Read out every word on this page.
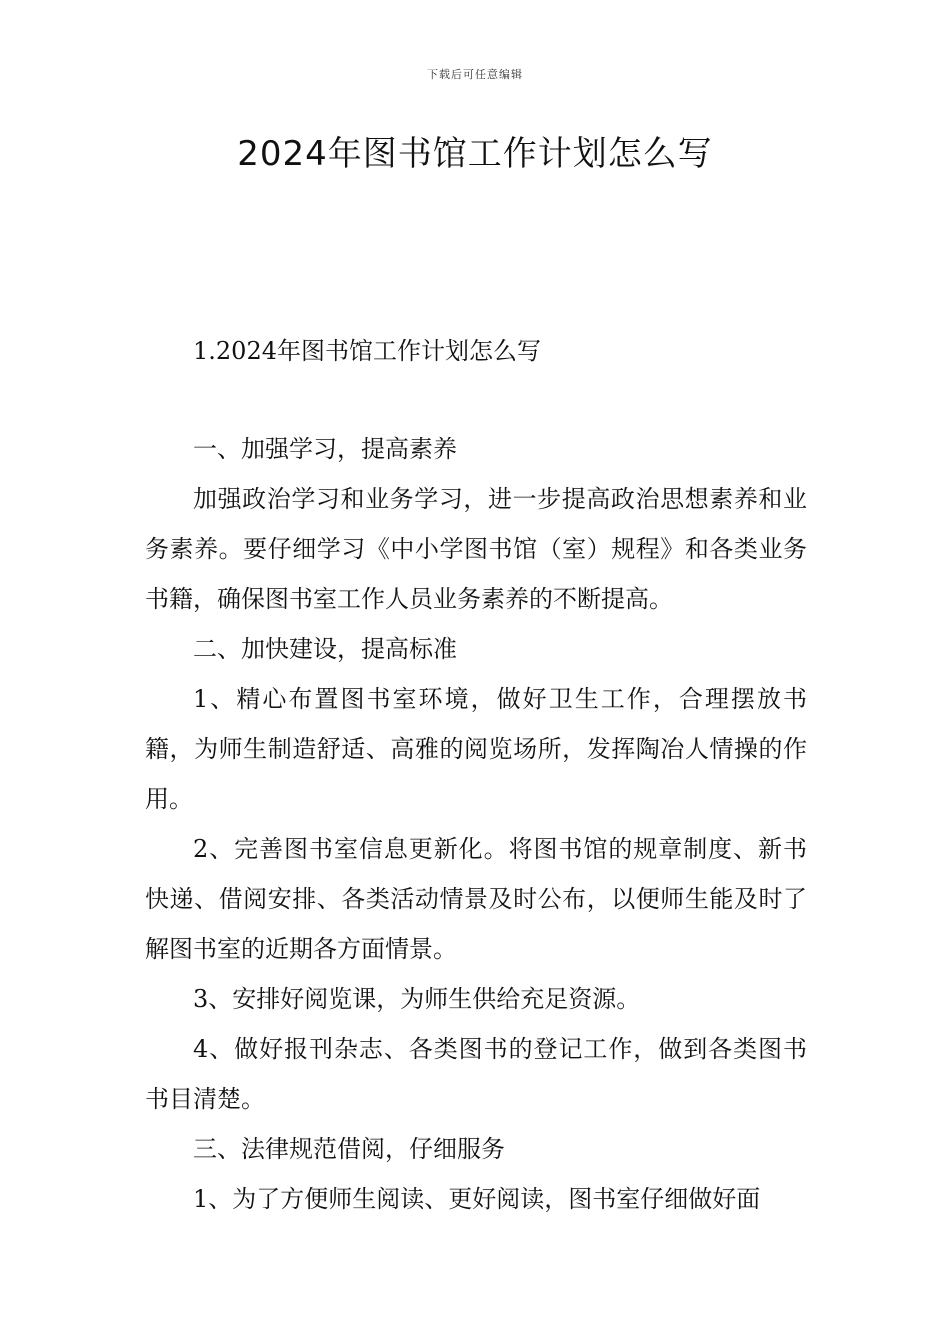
下载后可任意编辑
2024年图书馆工作计划怎么写

1.2024年图书馆工作计划怎么写

一、加强学习，提高素养

加强政治学习和业务学习，进一步提高政治思想素养和业务素养。要仔细学习《中小学图书馆（室）规程》和各类业务书籍，确保图书室工作人员业务素养的不断提高。

二、加快建设，提高标准

1、精心布置图书室环境，做好卫生工作，合理摆放书籍，为师生制造舒适、高雅的阅览场所，发挥陶冶人情操的作用。

2、完善图书室信息更新化。将图书馆的规章制度、新书快递、借阅安排、各类活动情景及时公布，以便师生能及时了解图书室的近期各方面情景。

3、安排好阅览课，为师生供给充足资源。

4、做好报刊杂志、各类图书的登记工作，做到各类图书书目清楚。

三、法律规范借阅，仔细服务

1、为了方便师生阅读、更好阅读，图书室仔细做好面
